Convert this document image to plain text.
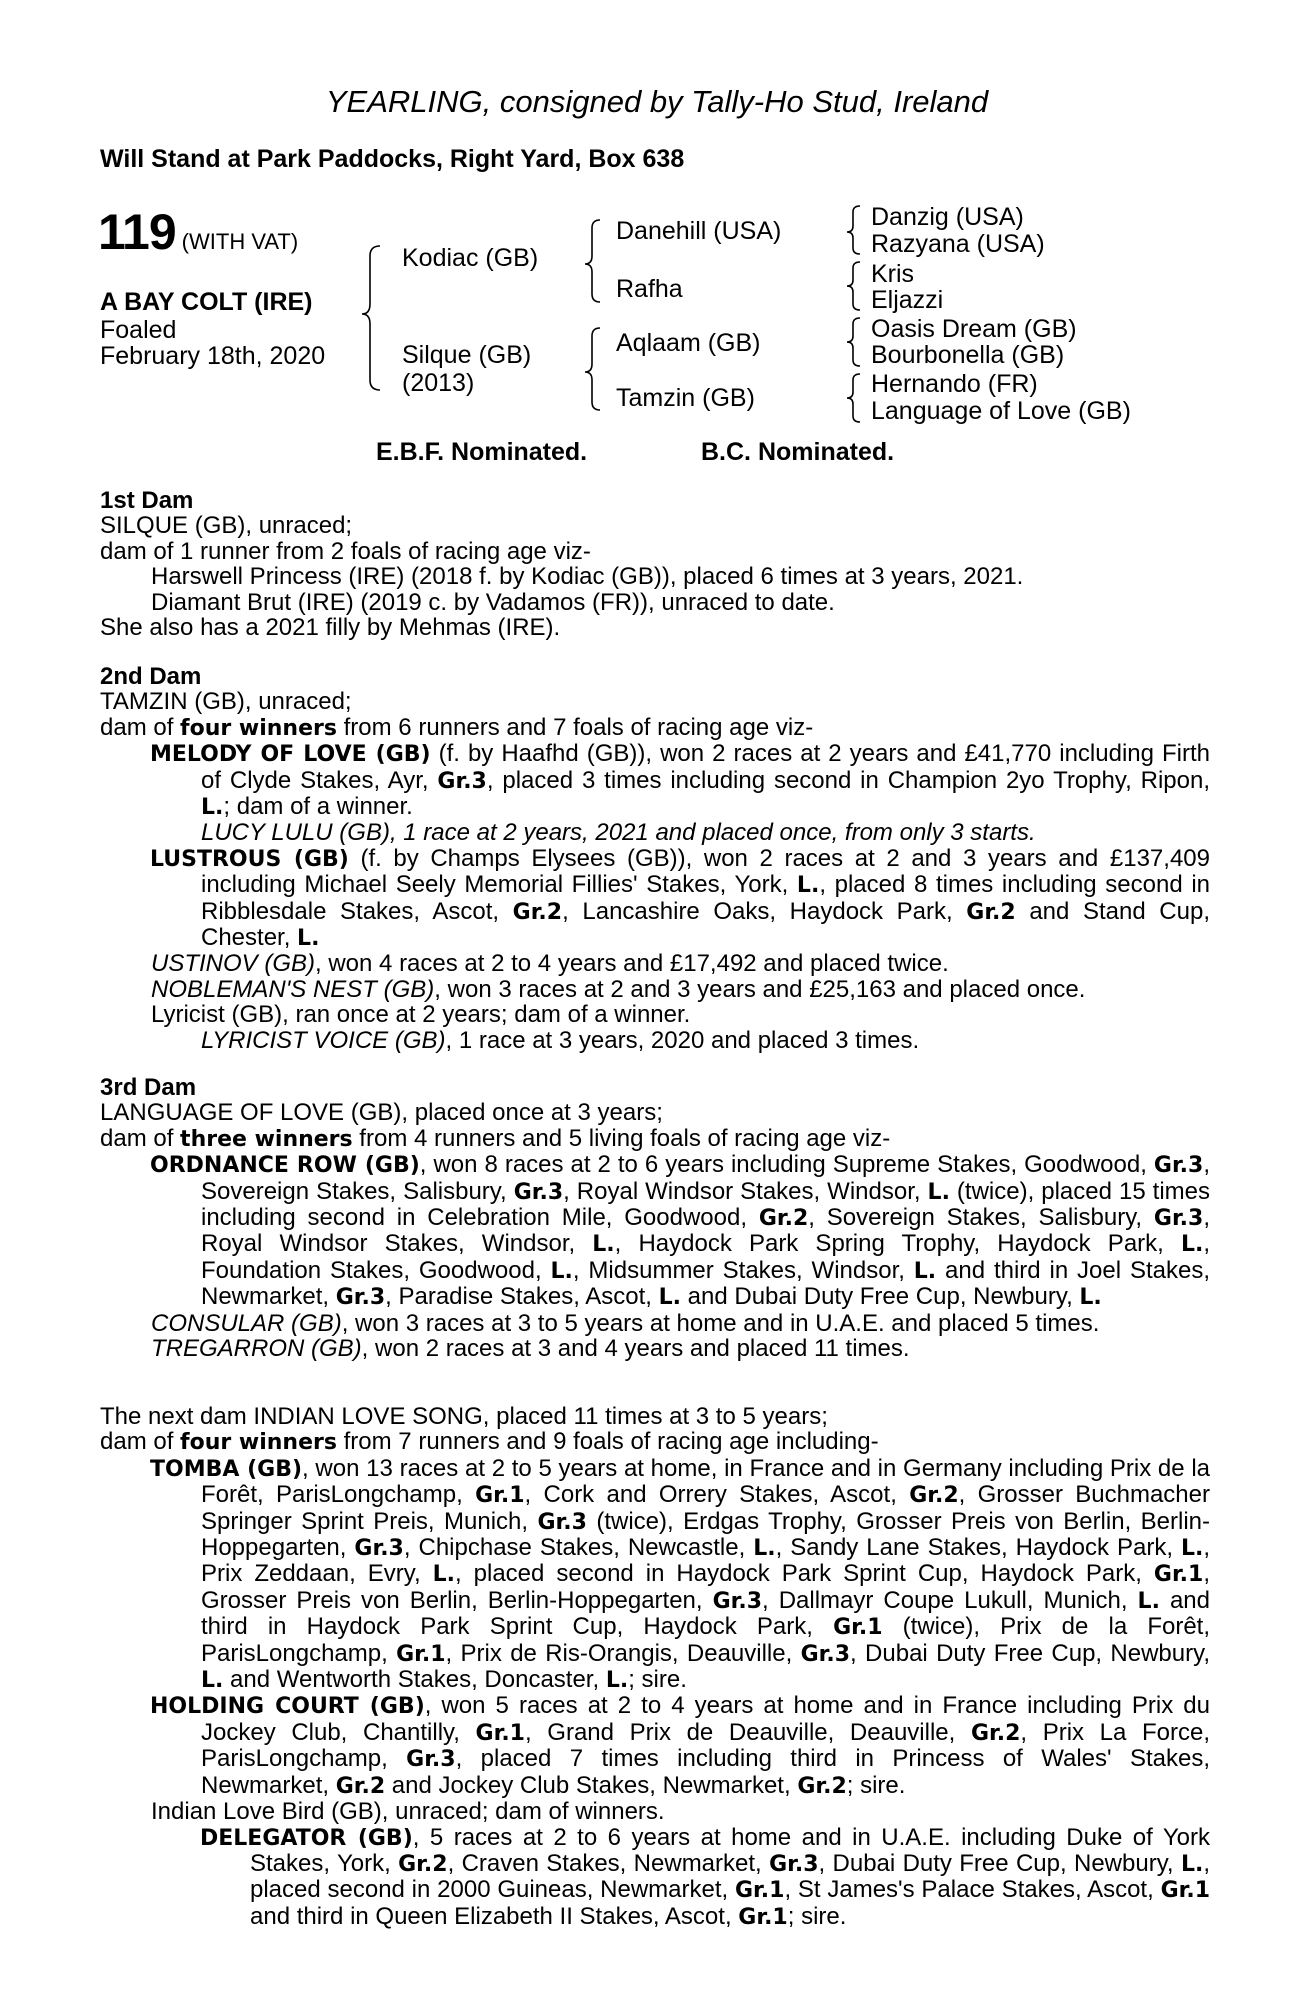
YEARLING, consigned by Tally-Ho Stud, Ireland
Will Stand at Park Paddocks, Right Yard, Box 638
119 (WITH VAT)
A BAY COLT (IRE)
Foaled
February 18th, 2020
Kodiac (GB)
Silque (GB)
(2013)
Danehill (USA)
Rafha
Aqlaam (GB)
Tamzin (GB)
Danzig (USA)
Razyana (USA)
Kris
Eljazzi
Oasis Dream (GB)
Bourbonella (GB)
Hernando (FR)
Language of Love (GB)
E.B.F. Nominated.	B.C. Nominated.
1st Dam
SILQUE (GB), unraced;
dam of 1 runner from 2 foals of racing age viz-
Harswell Princess (IRE) (2018 f. by Kodiac (GB)), placed 6 times at 3 years, 2021.
Diamant Brut (IRE) (2019 c. by Vadamos (FR)), unraced to date.
She also has a 2021 filly by Mehmas (IRE).
2nd Dam
TAMZIN (GB), unraced;
dam of four winners from 6 runners and 7 foals of racing age viz-

MELODY OF LOVE (GB) (f. by Haafhd (GB)), won 2 races at 2 years and £41,770 including Firth of Clyde Stakes, Ayr, Gr.3, placed 3 times including second in Champion 2yo Trophy, Ripon, L.; dam of a winner.

LUCY LULU (GB), 1 race at 2 years, 2021 and placed once, from only 3 starts.

LUSTROUS (GB) (f. by Champs Elysees (GB)), won 2 races at 2 and 3 years and £137,409 including Michael Seely Memorial Fillies' Stakes, York, L., placed 8 times including second in Ribblesdale Stakes, Ascot, Gr.2, Lancashire Oaks, Haydock Park, Gr.2 and Stand Cup, Chester, L.

USTINOV (GB), won 4 races at 2 to 4 years and £17,492 and placed twice.
NOBLEMAN'S NEST (GB), won 3 races at 2 and 3 years and £25,163 and placed once.
Lyricist (GB), ran once at 2 years; dam of a winner.
LYRICIST VOICE (GB), 1 race at 3 years, 2020 and placed 3 times.
3rd Dam
LANGUAGE OF LOVE (GB), placed once at 3 years;
dam of three winners from 4 runners and 5 living foals of racing age viz-

ORDNANCE ROW (GB), won 8 races at 2 to 6 years including Supreme Stakes, Goodwood, Gr.3, Sovereign Stakes, Salisbury, Gr.3, Royal Windsor Stakes, Windsor, L. (twice), placed 15 times including second in Celebration Mile, Goodwood, Gr.2, Sovereign Stakes, Salisbury, Gr.3, Royal Windsor Stakes, Windsor, L., Haydock Park Spring Trophy, Haydock Park, L., Foundation Stakes, Goodwood, L., Midsummer Stakes, Windsor, L. and third in Joel Stakes, Newmarket, Gr.3, Paradise Stakes, Ascot, L. and Dubai Duty Free Cup, Newbury, L.

CONSULAR (GB), won 3 races at 3 to 5 years at home and in U.A.E. and placed 5 times.
TREGARRON (GB), won 2 races at 3 and 4 years and placed 11 times.
The next dam INDIAN LOVE SONG, placed 11 times at 3 to 5 years;
dam of four winners from 7 runners and 9 foals of racing age including-

TOMBA (GB), won 13 races at 2 to 5 years at home, in France and in Germany including Prix de la Forêt, ParisLongchamp, Gr.1, Cork and Orrery Stakes, Ascot, Gr.2, Grosser Buchmacher Springer Sprint Preis, Munich, Gr.3 (twice), Erdgas Trophy, Grosser Preis von Berlin, Berlin-Hoppegarten, Gr.3, Chipchase Stakes, Newcastle, L., Sandy Lane Stakes, Haydock Park, L., Prix Zeddaan, Evry, L., placed second in Haydock Park Sprint Cup, Haydock Park, Gr.1, Grosser Preis von Berlin, Berlin-Hoppegarten, Gr.3, Dallmayr Coupe Lukull, Munich, L. and third in Haydock Park Sprint Cup, Haydock Park, Gr.1 (twice), Prix de la Forêt, ParisLongchamp, Gr.1, Prix de Ris-Orangis, Deauville, Gr.3, Dubai Duty Free Cup, Newbury, L. and Wentworth Stakes, Doncaster, L.; sire.

HOLDING COURT (GB), won 5 races at 2 to 4 years at home and in France including Prix du Jockey Club, Chantilly, Gr.1, Grand Prix de Deauville, Deauville, Gr.2, Prix La Force, ParisLongchamp, Gr.3, placed 7 times including third in Princess of Wales' Stakes, Newmarket, Gr.2 and Jockey Club Stakes, Newmarket, Gr.2; sire.

Indian Love Bird (GB), unraced; dam of winners.

DELEGATOR (GB), 5 races at 2 to 6 years at home and in U.A.E. including Duke of York Stakes, York, Gr.2, Craven Stakes, Newmarket, Gr.3, Dubai Duty Free Cup, Newbury, L., placed second in 2000 Guineas, Newmarket, Gr.1, St James's Palace Stakes, Ascot, Gr.1 and third in Queen Elizabeth II Stakes, Ascot, Gr.1; sire.
